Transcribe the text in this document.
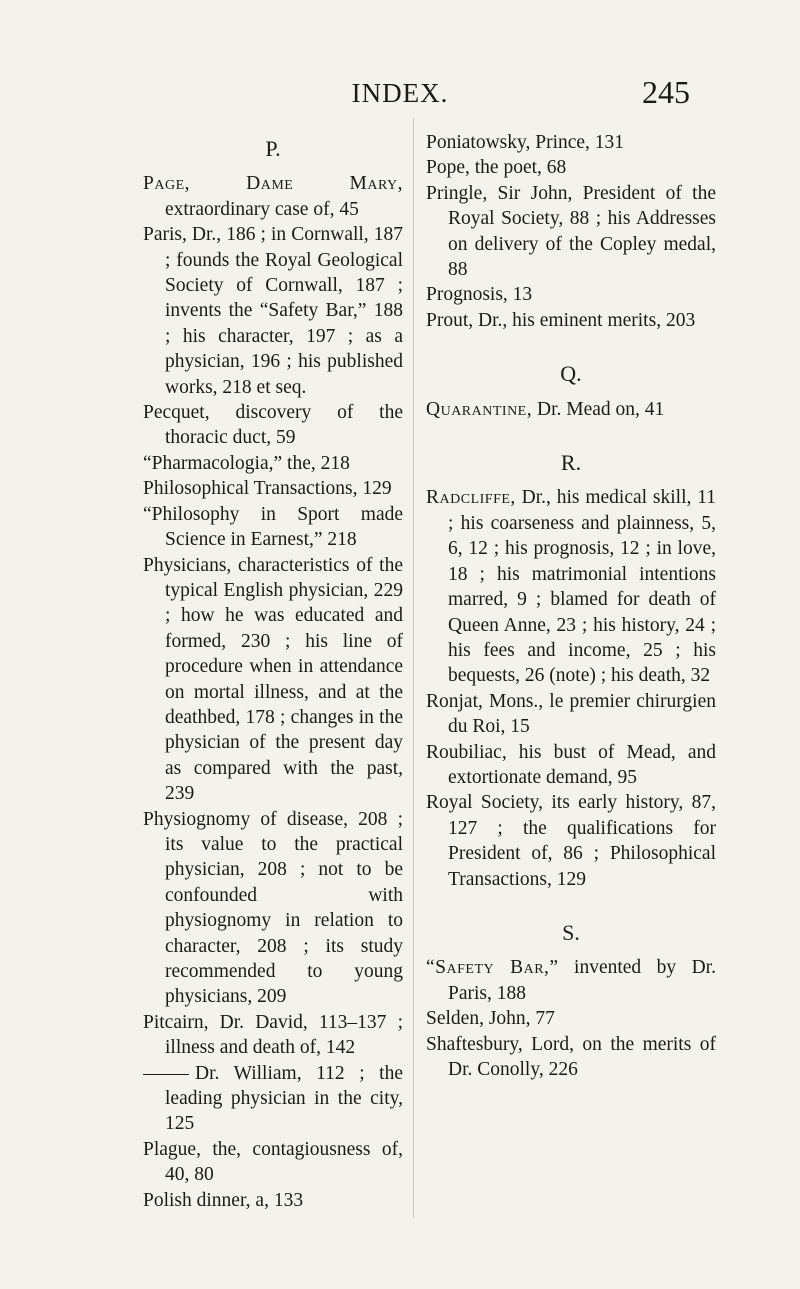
INDEX.	245
P.

Page, Dame Mary, extraordinary case of, 45

Paris, Dr., 186 ; in Cornwall, 187 ; founds the Royal Geological Society of Cornwall, 187 ; invents the “Safety Bar,” 188 ; his character, 197 ; as a physician, 196 ; his published works, 218 et seq.

Pecquet, discovery of the thoracic duct, 59

“Pharmacologia,” the, 218

Philosophical Transactions, 129

“Philosophy in Sport made Science in Earnest,” 218

Physicians, characteristics of the typical English physician, 229 ; how he was educated and formed, 230 ; his line of procedure when in attendance on mortal illness, and at the deathbed, 178 ; changes in the physician of the present day as compared with the past, 239

Physiognomy of disease, 208 ; its value to the practical physician, 208 ; not to be confounded with physiognomy in relation to character, 208 ; its study recommended to young physicians, 209

Pitcairn, Dr. David, 113–137 ; illness and death of, 142

Dr. William, 112 ; the leading physician in the city, 125

Plague, the, contagiousness of, 40, 80

Polish dinner, a, 133

Poniatowsky, Prince, 131

Pope, the poet, 68

Pringle, Sir John, President of the Royal Society, 88 ; his Addresses on delivery of the Copley medal, 88

Prognosis, 13

Prout, Dr., his eminent merits, 203

Q.

Quarantine, Dr. Mead on, 41

R.

Radcliffe, Dr., his medical skill, 11 ; his coarseness and plainness, 5, 6, 12 ; his prognosis, 12 ; in love, 18 ; his matrimonial intentions marred, 9 ; blamed for death of Queen Anne, 23 ; his history, 24 ; his fees and income, 25 ; his bequests, 26 (note) ; his death, 32

Ronjat, Mons., le premier chirurgien du Roi, 15

Roubiliac, his bust of Mead, and extortionate demand, 95

Royal Society, its early history, 87, 127 ; the qualifications for President of, 86 ; Philosophical Transactions, 129

S.

“Safety Bar,” invented by Dr. Paris, 188

Selden, John, 77

Shaftesbury, Lord, on the merits of Dr. Conolly, 226
